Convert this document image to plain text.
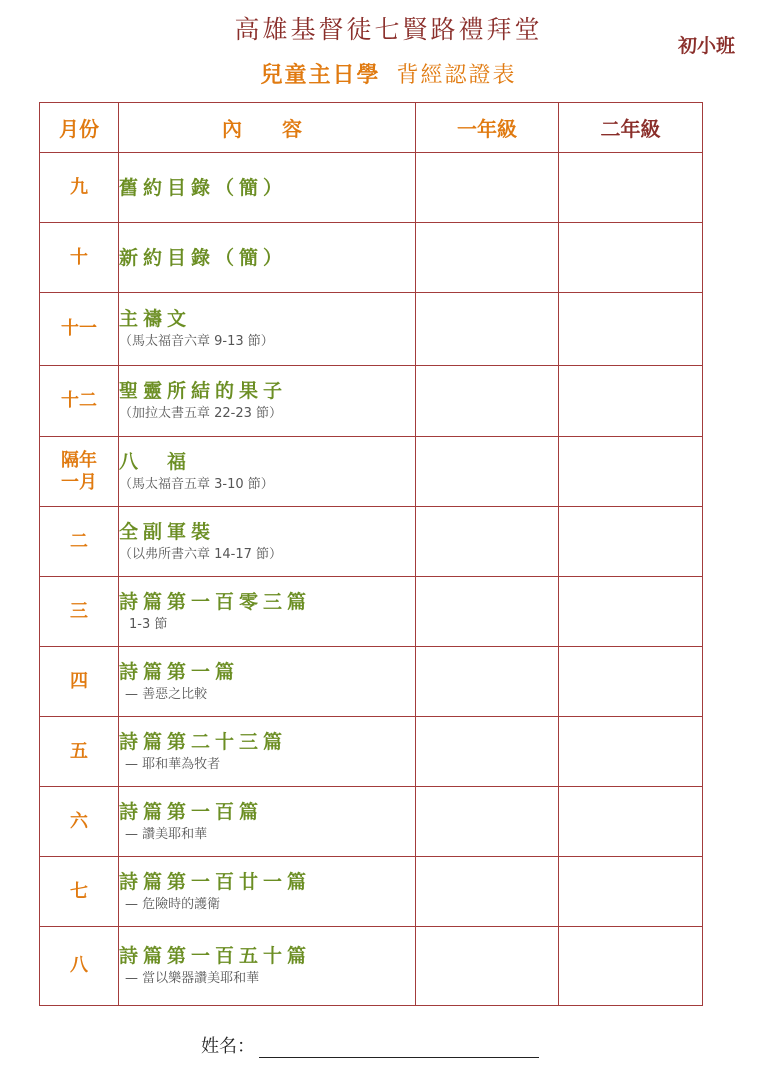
高雄基督徒七賢路禮拜堂
初小班
兒童主日學 背經認證表
月份	內　容	一年級	二年級
九	舊約目錄（簡）		

十	新約目錄（簡）		

十一	主禱文
（馬太福音六章 9-13 節）		

十二	聖靈所結的果子
（加拉太書五章 22-23 節）		

隔年一月	八　福
（馬太福音五章 3-10 節）		

二	全副軍裝
（以弗所書六章 14-17 節）		

三	詩篇第一百零三篇
1-3 節		

四	詩篇第一篇
— 善惡之比較		

五	詩篇第二十三篇
— 耶和華為牧者		

六	詩篇第一百篇
— 讚美耶和華		

七	詩篇第一百廿一篇
— 危險時的護衛		

八	詩篇第一百五十篇
— 當以樂器讚美耶和華		

姓名：
